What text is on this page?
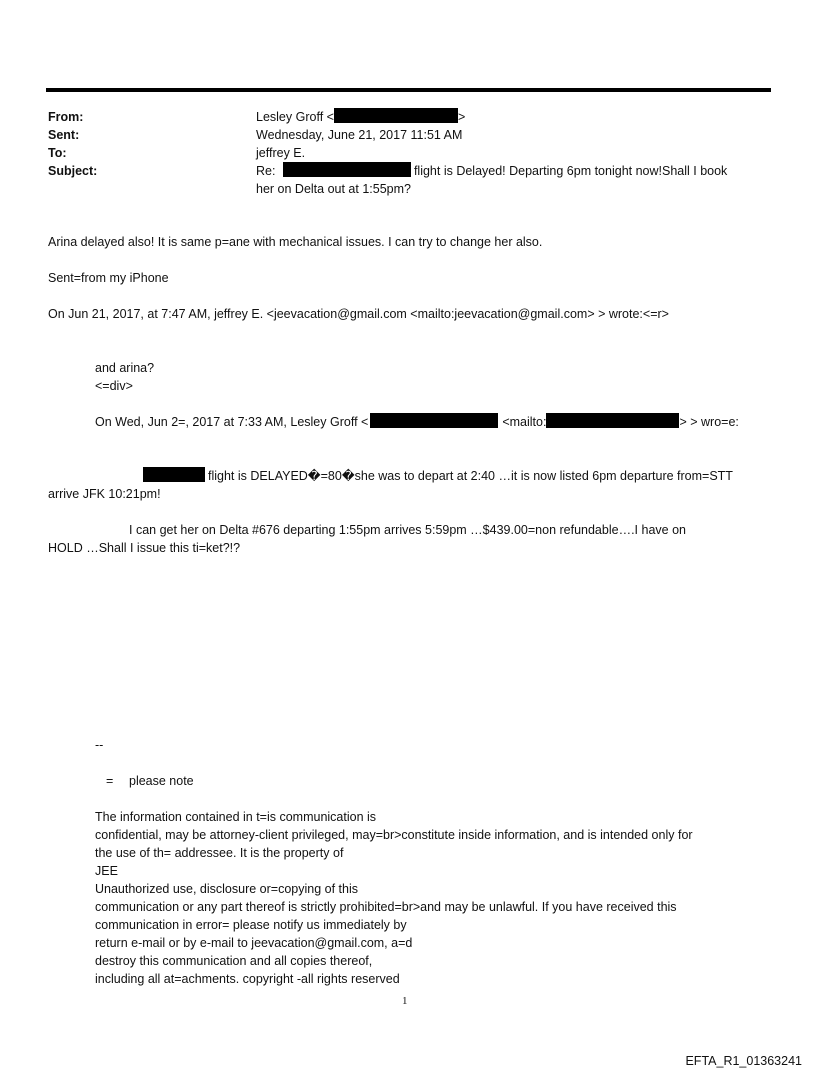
From:	Lesley Groff <	>
Sent:	Wednesday, June 21, 2017 11:51 AM
To:	jeffrey E.
Subject:	Re:	flight is Delayed! Departing 6pm tonight now!Shall I book
her on Delta out at 1:55pm?
Arina delayed also! It is same p=ane with mechanical issues. I can try to change her also.
Sent=from my iPhone
On Jun 21, 2017, at 7:47 AM, jeffrey E. <jeevacation@gmail.com <mailto:jeevacation@gmail.com> > wrote:<=r>
and arina?
<=div>
On Wed, Jun 2=, 2017 at 7:33 AM, Lesley Groff <	<mailto:	> > wro=e:
flight is DELAYED�=80�she was to depart at 2:40 …it is now listed 6pm departure from=STT
arrive JFK 10:21pm!
I can get her on Delta #676 departing 1:55pm arrives 5:59pm …$439.00=non refundable….I have on
HOLD …Shall I issue this ti=ket?!?
--
= please note
The information contained in t=is communication is
confidential, may be attorney-client privileged, may=br>constitute inside information, and is intended only for
the use of th= addressee. It is the property of
JEE
Unauthorized use, disclosure or=copying of this
communication or any part thereof is strictly prohibited=br>and may be unlawful. If you have received this
communication in error= please notify us immediately by
return e-mail or by e-mail to jeevacation@gmail.com, a=d
destroy this communication and all copies thereof,
including all at=achments. copyright -all rights reserved
1
EFTA_R1_01363241
